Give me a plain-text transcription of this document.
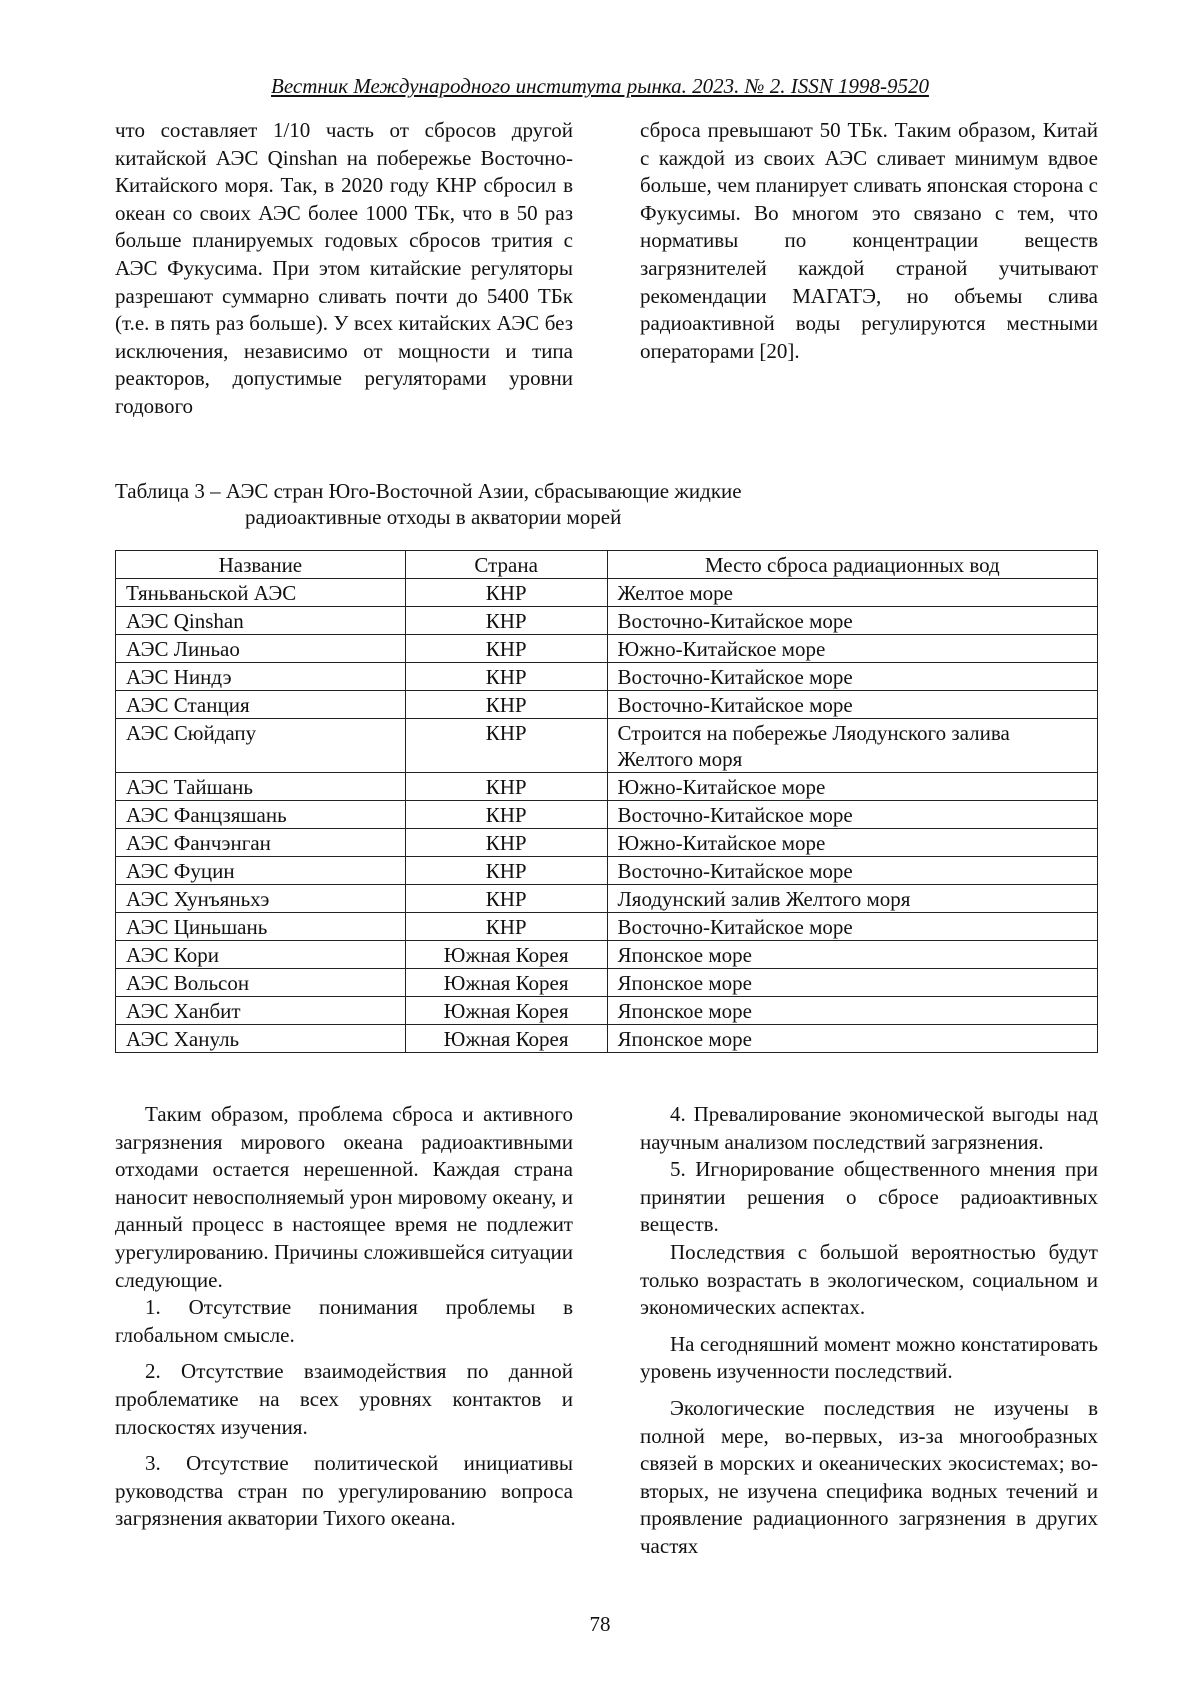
Вестник Международного института рынка. 2023. № 2. ISSN 1998-9520

что составляет 1/10 часть от сбросов другой китайской АЭС Qinshan на побережье Восточно-Китайского моря. Так, в 2020 году КНР сбросил в океан со своих АЭС более 1000 ТБк, что в 50 раз больше планируемых годовых сбросов трития с АЭС Фукусима. При этом китайские регуляторы разрешают суммарно сливать почти до 5400 ТБк (т.е. в пять раз больше). У всех китайских АЭС без исключения, независимо от мощности и типа реакторов, допустимые регуляторами уровни годового

сброса превышают 50 ТБк. Таким образом, Китай с каждой из своих АЭС сливает минимум вдвое больше, чем планирует сливать японская сторона с Фукусимы. Во многом это связано с тем, что нормативы по концентрации веществ загрязнителей каждой страной учитывают рекомендации МАГАТЭ, но объемы слива радиоактивной воды регулируются местными операторами [20].

Таблица 3 – АЭС стран Юго-Восточной Азии, сбрасывающие жидкие
радиоактивные отходы в акватории морей
Название	Страна	Место сброса радиационных вод
Тяньваньской АЭС	КНР	Желтое море
АЭС Qinshan	КНР	Восточно-Китайское море
АЭС Линьао	КНР	Южно-Китайское море
АЭС Ниндэ	КНР	Восточно-Китайское море
АЭС Станция	КНР	Восточно-Китайское море
АЭС Сюйдапу	КНР	Строится на побережье Ляодунского залива Желтого моря
АЭС Тайшань	КНР	Южно-Китайское море
АЭС Фанцзяшань	КНР	Восточно-Китайское море
АЭС Фанчэнган	КНР	Южно-Китайское море
АЭС Фуцин	КНР	Восточно-Китайское море
АЭС Хунъяньхэ	КНР	Ляодунский залив Желтого моря
АЭС Циньшань	КНР	Восточно-Китайское море
АЭС Кори	Южная Корея	Японское море
АЭС Вольсон	Южная Корея	Японское море
АЭС Ханбит	Южная Корея	Японское море
АЭС Хануль	Южная Корея	Японское море

Таким образом, проблема сброса и активного загрязнения мирового океана радиоактивными отходами остается нерешенной. Каждая страна наносит невосполняемый урон мировому океану, и данный процесс в настоящее время не подлежит урегулированию. Причины сложившейся ситуации следующие.

1. Отсутствие понимания проблемы в глобальном смысле.

2. Отсутствие взаимодействия по данной проблематике на всех уровнях контактов и плоскостях изучения.

3. Отсутствие политической инициативы руководства стран по урегулированию вопроса загрязнения акватории Тихого океана.

4. Превалирование экономической выгоды над научным анализом последствий загрязнения.

5. Игнорирование общественного мнения при принятии решения о сбросе радиоактивных веществ.

Последствия с большой вероятностью будут только возрастать в экологическом, социальном и экономических аспектах.

На сегодняшний момент можно констатировать уровень изученности последствий.

Экологические последствия не изучены в полной мере, во-первых, из-за многообразных связей в морских и океанических экосистемах; во-вторых, не изучена специфика водных течений и проявление радиационного загрязнения в других частях

78
